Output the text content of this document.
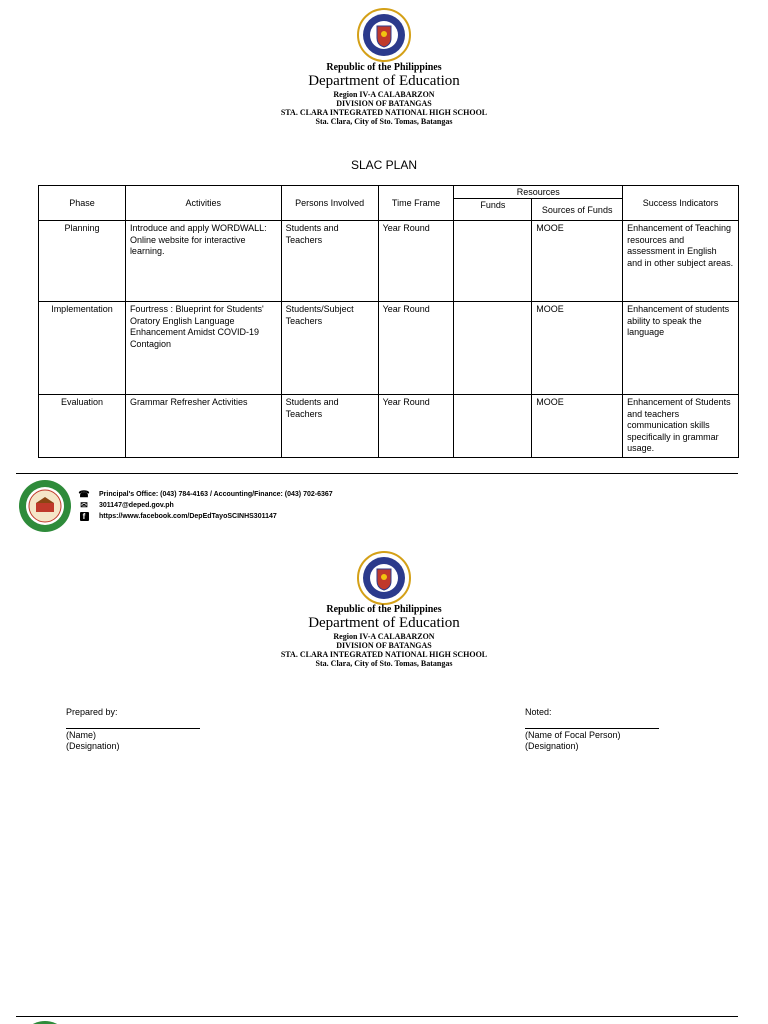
Republic of the Philippines
Department of Education
Region IV-A CALABARZON
DIVISION OF BATANGAS
STA. CLARA INTEGRATED NATIONAL HIGH SCHOOL
Sta. Clara, City of Sto. Tomas, Batangas
SLAC PLAN
Phase	Activities	Persons Involved	Time Frame	Resources		Success Indicators
				Funds	Sources of Funds	
Planning	Introduce and apply WORDWALL: Online website for interactive learning.	Students and Teachers	Year Round		MOOE	Enhancement of Teaching resources and assessment in English and in other subject areas.
Implementation	Fourtress : Blueprint for Students' Oratory English Language Enhancement Amidst COVID-19 Contagion	Students/Subject Teachers	Year Round		MOOE	Enhancement of students ability to speak the language
Evaluation	Grammar Refresher Activities	Students and Teachers	Year Round		MOOE	Enhancement of Students and teachers communication skills specifically in grammar usage.
☎ Principal's Office: (043) 784-4163 / Accounting/Finance: (043) 702-6367
✉	301147@deped.gov.ph
f	https://www.facebook.com/DepEdTayoSCINHS301147
Republic of the Philippines
Department of Education
Region IV-A CALABARZON
DIVISION OF BATANGAS
STA. CLARA INTEGRATED NATIONAL HIGH SCHOOL
Sta. Clara, City of Sto. Tomas, Batangas
Prepared by:
(Name)
(Designation)
Noted:
(Name of Focal Person)
(Designation)
